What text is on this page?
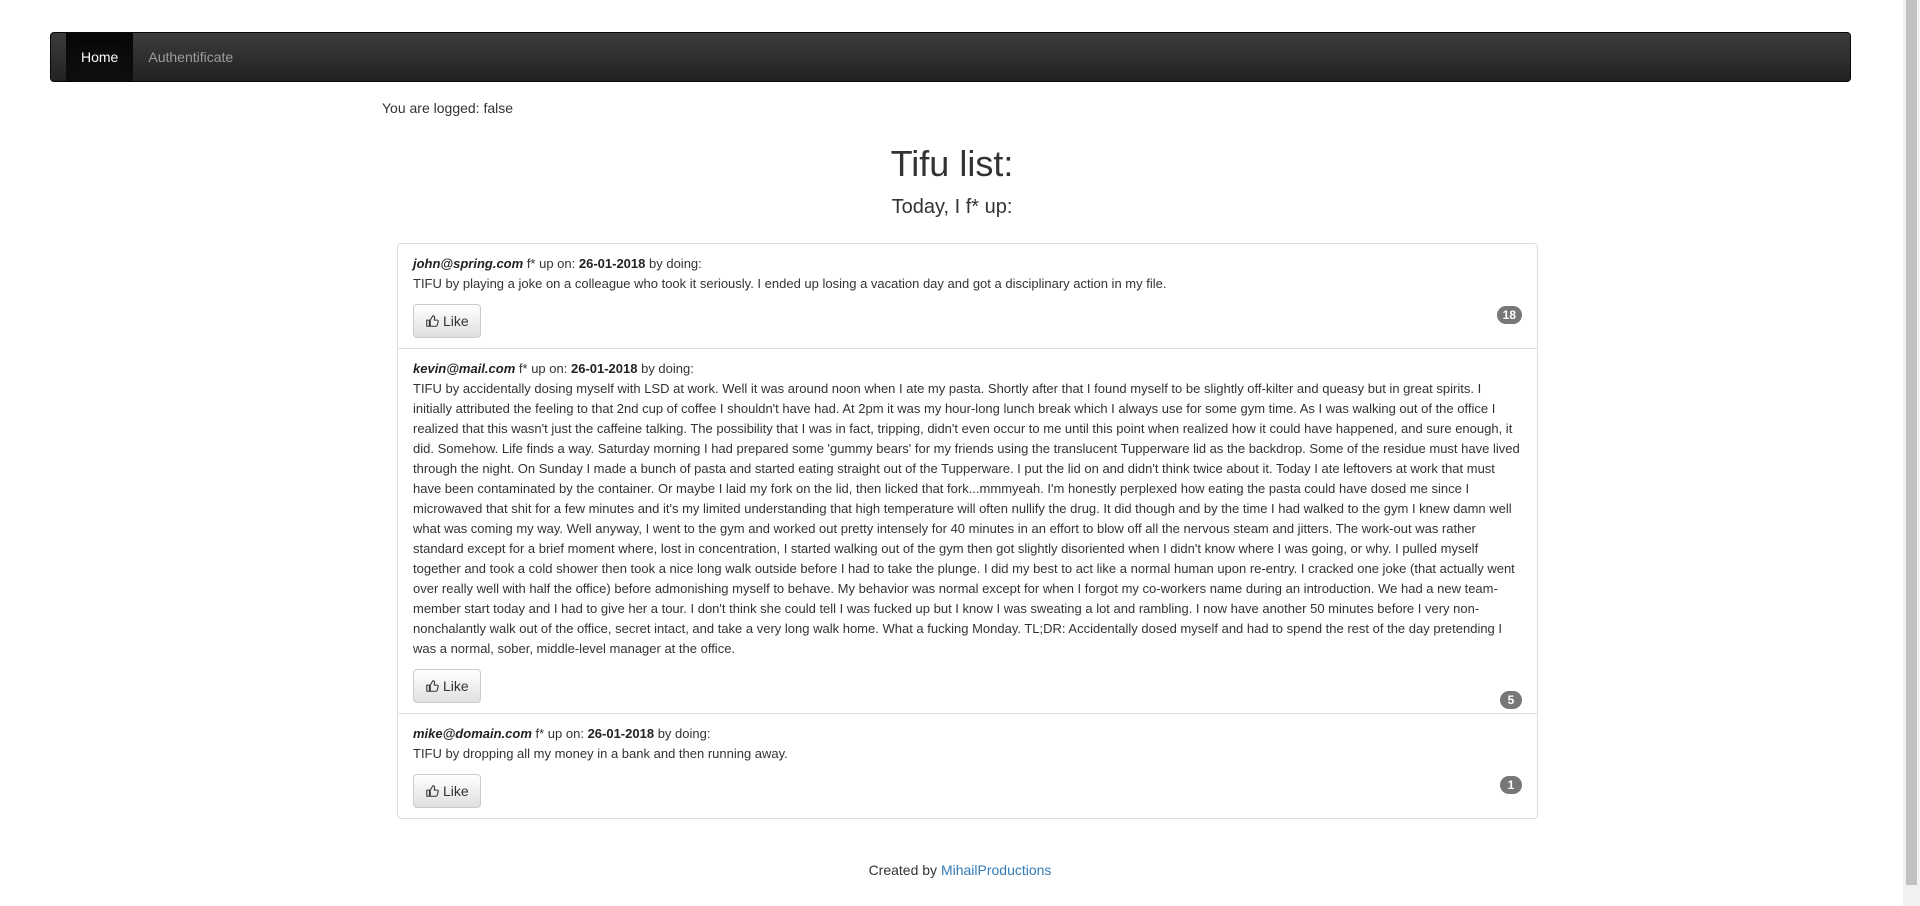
Home	Authentificate
You are logged: false
Tifu list:
Today, I f* up:
john@spring.com f* up on: 26-01-2018 by doing:
TIFU by playing a joke on a colleague who took it seriously. I ended up losing a vacation day and got a disciplinary action in my file.
Like	18
kevin@mail.com f* up on: 26-01-2018 by doing:
TIFU by accidentally dosing myself with LSD at work. Well it was around noon when I ate my pasta. Shortly after that I found myself to be slightly off-kilter and queasy but in great spirits. I initially attributed the feeling to that 2nd cup of coffee I shouldn't have had. At 2pm it was my hour-long lunch break which I always use for some gym time. As I was walking out of the office I realized that this wasn't just the caffeine talking. The possibility that I was in fact, tripping, didn't even occur to me until this point when realized how it could have happened, and sure enough, it did. Somehow. Life finds a way. Saturday morning I had prepared some 'gummy bears' for my friends using the translucent Tupperware lid as the backdrop. Some of the residue must have lived through the night. On Sunday I made a bunch of pasta and started eating straight out of the Tupperware. I put the lid on and didn't think twice about it. Today I ate leftovers at work that must have been contaminated by the container. Or maybe I laid my fork on the lid, then licked that fork...mmmyeah. I'm honestly perplexed how eating the pasta could have dosed me since I microwaved that shit for a few minutes and it's my limited understanding that high temperature will often nullify the drug. It did though and by the time I had walked to the gym I knew damn well what was coming my way. Well anyway, I went to the gym and worked out pretty intensely for 40 minutes in an effort to blow off all the nervous steam and jitters. The work-out was rather standard except for a brief moment where, lost in concentration, I started walking out of the gym then got slightly disoriented when I didn't know where I was going, or why. I pulled myself together and took a cold shower then took a nice long walk outside before I had to take the plunge. I did my best to act like a normal human upon re-entry. I cracked one joke (that actually went over really well with half the office) before admonishing myself to behave. My behavior was normal except for when I forgot my co-workers name during an introduction. We had a new team-member start today and I had to give her a tour. I don't think she could tell I was fucked up but I know I was sweating a lot and rambling. I now have another 50 minutes before I very non-nonchalantly walk out of the office, secret intact, and take a very long walk home. What a fucking Monday. TL;DR: Accidentally dosed myself and had to spend the rest of the day pretending I was a normal, sober, middle-level manager at the office.
Like
5
mike@domain.com f* up on: 26-01-2018 by doing:
TIFU by dropping all my money in a bank and then running away.
Like	1
Created by MihailProductions
